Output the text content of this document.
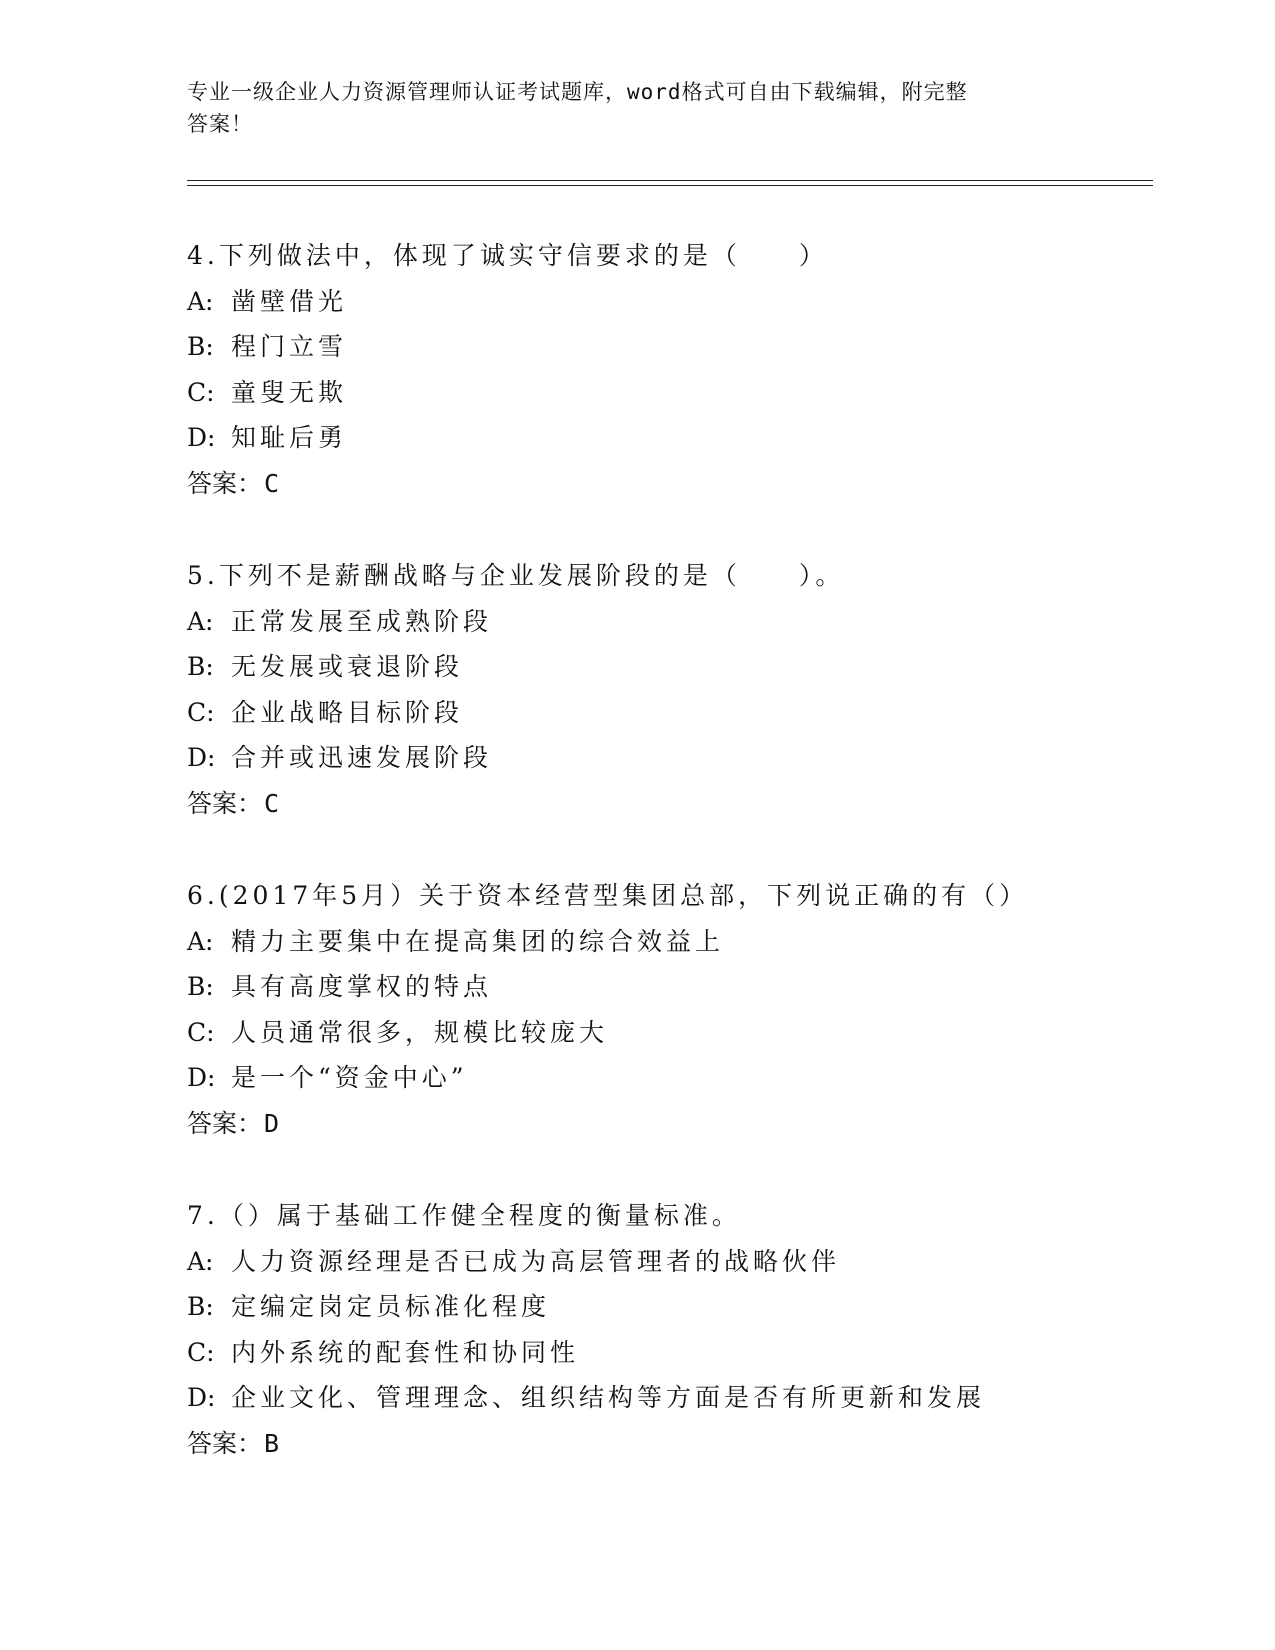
专业一级企业人力资源管理师认证考试题库，word格式可自由下载编辑，附完整
答案！
4.下列做法中，体现了诚实守信要求的是（　　）
A: 凿壁借光
B: 程门立雪
C: 童叟无欺
D: 知耻后勇
答案：C
5.下列不是薪酬战略与企业发展阶段的是（　　）。
A: 正常发展至成熟阶段
B: 无发展或衰退阶段
C: 企业战略目标阶段
D: 合并或迅速发展阶段
答案：C
6.(2017年5月）关于资本经营型集团总部，下列说正确的有（）
A: 精力主要集中在提高集团的综合效益上
B: 具有高度掌权的特点
C: 人员通常很多，规模比较庞大
D: 是一个“资金中心”
答案：D
7.（）属于基础工作健全程度的衡量标准。
A: 人力资源经理是否已成为高层管理者的战略伙伴
B: 定编定岗定员标准化程度
C: 内外系统的配套性和协同性
D: 企业文化、管理理念、组织结构等方面是否有所更新和发展
答案：B
